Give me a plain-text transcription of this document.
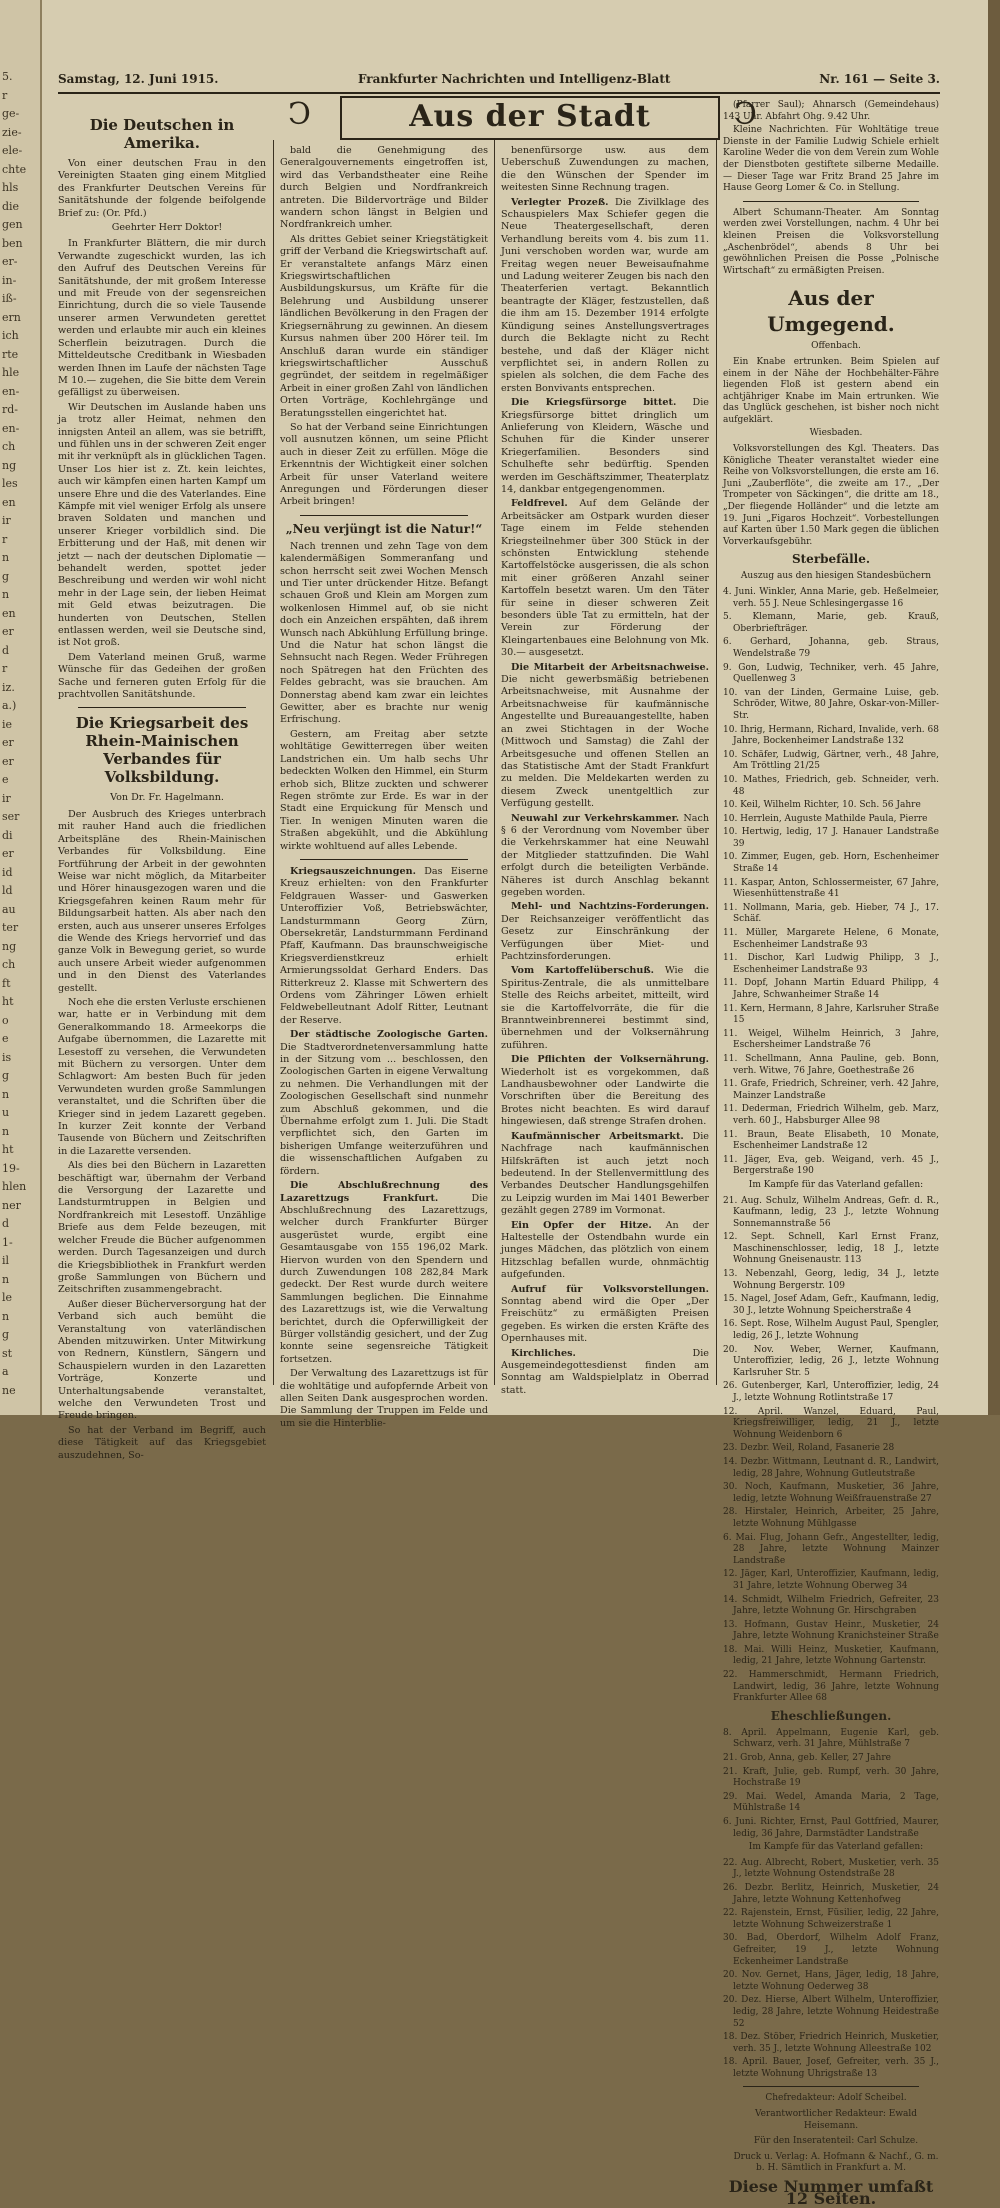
5.
r
ge-
zie-
ele-
chte
hls
die
gen
ben
er-
in-
iß-
ern
ich
rte
hle
en-
rd-
en-
ch
ng
les
en
ir
r
n
g
n
en
er
d
r
iz.
a.)
ie
er
er
e
ir
ser
di
er
id
ld
au
ter
ng
ch
ft
ht
o
e
is
g
n
u
n
ht
19-
hlen
ner
d
1-
il
n
le
n
g
st
a
ne
Samstag, 12. Juni 1915.	Frankfurter Nachrichten und Intelligenz-Blatt	Nr. 161 — Seite 3.
Ↄ	Aus der Stadt	Ↄ
Die Deutschen in Amerika.

Von einer deutschen Frau in den Vereinigten Staaten ging einem Mitglied des Frankfurter Deutschen Vereins für Sanitätshunde der folgende beifolgende Brief zu: (Or. Pfd.)

Geehrter Herr Doktor!

In Frankfurter Blättern, die mir durch Verwandte zugeschickt wurden, las ich den Aufruf des Deutschen Vereins für Sanitätshunde, der mit großem Interesse und mit Freude von der segensreichen Einrichtung, durch die so viele Tausende unserer armen Verwundeten gerettet werden und erlaubte mir auch ein kleines Scherflein beizutragen. Durch die Mitteldeutsche Creditbank in Wiesbaden werden Ihnen im Laufe der nächsten Tage M 10.— zugehen, die Sie bitte dem Verein gefälligst zu überweisen.

Wir Deutschen im Auslande haben uns ja trotz aller Heimat, nehmen den innigsten Anteil an allem, was sie betrifft, und fühlen uns in der schweren Zeit enger mit ihr verknüpft als in glücklichen Tagen. Unser Los hier ist z. Zt. kein leichtes, auch wir kämpfen einen harten Kampf um unsere Ehre und die des Vaterlandes. Eine Kämpfe mit viel weniger Erfolg als unsere braven Soldaten und manchen und unserer Krieger vorbildlich sind. Die Erbitterung und der Haß, mit denen wir jetzt — nach der deutschen Diplomatie — behandelt werden, spottet jeder Beschreibung und werden wir wohl nicht mehr in der Lage sein, der lieben Heimat mit Geld etwas beizutragen. Die hunderten von Deutschen, Stellen entlassen werden, weil sie Deutsche sind, ist Not groß.

Dem Vaterland meinen Gruß, warme Wünsche für das Gedeihen der großen Sache und ferneren guten Erfolg für die prachtvollen Sanitätshunde.

Die Kriegsarbeit des Rhein-Mainischen Verbandes für Volksbildung.

Von Dr. Fr. Hagelmann.

Der Ausbruch des Krieges unterbrach mit rauher Hand auch die friedlichen Arbeitspläne des Rhein-Mainischen Verbandes für Volksbildung. Eine Fortführung der Arbeit in der gewohnten Weise war nicht möglich, da Mitarbeiter und Hörer hinausgezogen waren und die Kriegsgefahren keinen Raum mehr für Bildungsarbeit hatten. Als aber nach den ersten, auch aus unserer unseres Erfolges die Wende des Kriegs hervorrief und das ganze Volk in Bewegung geriet, so wurde auch unsere Arbeit wieder aufgenommen und in den Dienst des Vaterlandes gestellt.

Noch ehe die ersten Verluste erschienen war, hatte er in Verbindung mit dem Generalkommando 18. Armeekorps die Aufgabe übernommen, die Lazarette mit Lesestoff zu versehen, die Verwundeten mit Büchern zu versorgen. Unter dem Schlagwort: Am besten Buch für jeden Verwundeten wurden große Sammlungen veranstaltet, und die Schriften über die Krieger sind in jedem Lazarett gegeben. In kurzer Zeit konnte der Verband Tausende von Büchern und Zeitschriften in die Lazarette versenden.

Als dies bei den Büchern in Lazaretten beschäftigt war, übernahm der Verband die Versorgung der Lazarette und Landsturmtruppen in Belgien und Nordfrankreich mit Lesestoff. Unzählige Briefe aus dem Felde bezeugen, mit welcher Freude die Bücher aufgenommen werden. Durch Tagesanzeigen und durch die Kriegsbibliothek in Frankfurt werden große Sammlungen von Büchern und Zeitschriften zusammengebracht.

Außer dieser Bücherversorgung hat der Verband sich auch bemüht die Veranstaltung von vaterländischen Abenden mitzuwirken. Unter Mitwirkung von Rednern, Künstlern, Sängern und Schauspielern wurden in den Lazaretten Vorträge, Konzerte und Unterhaltungsabende veranstaltet, welche den Verwundeten Trost und Freude bringen.

So hat der Verband im Begriff, auch diese Tätigkeit auf das Kriegsgebiet auszudehnen, So-

bald die Genehmigung des Generalgouvernements eingetroffen ist, wird das Verbandstheater eine Reihe durch Belgien und Nordfrankreich antreten. Die Bildervorträge und Bilder wandern schon längst in Belgien und Nordfrankreich umher.

Als drittes Gebiet seiner Kriegstätigkeit griff der Verband die Kriegswirtschaft auf. Er veranstaltete anfangs März einen Kriegswirtschaftlichen Ausbildungskursus, um Kräfte für die Belehrung und Ausbildung unserer ländlichen Bevölkerung in den Fragen der Kriegsernährung zu gewinnen. An diesem Kursus nahmen über 200 Hörer teil. Im Anschluß daran wurde ein ständiger kriegswirtschaftlicher Ausschuß gegründet, der seitdem in regelmäßiger Arbeit in einer großen Zahl von ländlichen Orten Vorträge, Kochlehrgänge und Beratungsstellen eingerichtet hat.

So hat der Verband seine Einrichtungen voll ausnutzen können, um seine Pflicht auch in dieser Zeit zu erfüllen. Möge die Erkenntnis der Wichtigkeit einer solchen Arbeit für unser Vaterland weitere Anregungen und Förderungen dieser Arbeit bringen!

„Neu verjüngt ist die Natur!“

Nach trennen und zehn Tage von dem kalendermäßigen Sommeranfang und schon herrscht seit zwei Wochen Mensch und Tier unter drückender Hitze. Befangt schauen Groß und Klein am Morgen zum wolkenlosen Himmel auf, ob sie nicht doch ein Anzeichen erspähten, daß ihrem Wunsch nach Abkühlung Erfüllung bringe. Und die Natur hat schon längst die Sehnsucht nach Regen. Weder Frühregen noch Spätregen hat den Früchten des Feldes gebracht, was sie brauchen. Am Donnerstag abend kam zwar ein leichtes Gewitter, aber es brachte nur wenig Erfrischung.

Gestern, am Freitag aber setzte wohltätige Gewitterregen über weiten Landstrichen ein. Um halb sechs Uhr bedeckten Wolken den Himmel, ein Sturm erhob sich, Blitze zuckten und schwerer Regen strömte zur Erde. Es war in der Stadt eine Erquickung für Mensch und Tier. In wenigen Minuten waren die Straßen abgekühlt, und die Abkühlung wirkte wohltuend auf alles Lebende.

Kriegsauszeichnungen. Das Eiserne Kreuz erhielten: von den Frankfurter Feldgrauen Wasser- und Gaswerken Unteroffizier Voß, Betriebswächter, Landsturmmann Georg Zürn, Obersekretär, Landsturmmann Ferdinand Pfaff, Kaufmann. Das braunschweigische Kriegsverdienstkreuz erhielt Armierungssoldat Gerhard Enders. Das Ritterkreuz 2. Klasse mit Schwertern des Ordens vom Zähringer Löwen erhielt Feldwebelleutnant Adolf Ritter, Leutnant der Reserve.

Der städtische Zoologische Garten. Die Stadtverordnetenversammlung hatte in der Sitzung vom ... beschlossen, den Zoologischen Garten in eigene Verwaltung zu nehmen. Die Verhandlungen mit der Zoologischen Gesellschaft sind nunmehr zum Abschluß gekommen, und die Übernahme erfolgt zum 1. Juli. Die Stadt verpflichtet sich, den Garten im bisherigen Umfange weiterzuführen und die wissenschaftlichen Aufgaben zu fördern.

Die Abschlußrechnung des Lazarettzugs Frankfurt.	Die Abschlußrechnung des Lazarettzugs, welcher durch Frankfurter Bürger ausgerüstet wurde, ergibt eine Gesamtausgabe von 155 196,02 Mark. Hiervon wurden von den Spendern und durch Zuwendungen 108 282,84 Mark gedeckt. Der Rest wurde durch weitere Sammlungen beglichen. Die Einnahme des Lazarettzugs ist, wie die Verwaltung berichtet, durch die Opferwilligkeit der Bürger vollständig gesichert, und der Zug konnte seine segensreiche Tätigkeit fortsetzen.

Der Verwaltung des Lazarettzugs ist für die wohltätige und aufopfernde Arbeit von allen Seiten Dank ausgesprochen worden. Die Sammlung der Truppen im Felde und um sie die Hinterblie-

benenfürsorge usw. aus dem Ueberschuß Zuwendungen zu machen, die den Wünschen der Spender im weitesten Sinne Rechnung tragen.

Verlegter Prozeß. Die Zivilklage des Schauspielers Max Schiefer gegen die Neue Theatergesellschaft, deren Verhandlung bereits vom 4. bis zum 11. Juni verschoben worden war, wurde am Freitag wegen neuer Beweisaufnahme und Ladung weiterer Zeugen bis nach den Theaterferien vertagt. Bekanntlich beantragte der Kläger, festzustellen, daß die ihm am 15. Dezember 1914 erfolgte Kündigung seines Anstellungsvertrages durch die Beklagte nicht zu Recht bestehe, und daß der Kläger nicht verpflichtet sei, in andern Rollen zu spielen als solchen, die dem Fache des ersten Bonvivants entsprechen.

Die Kriegsfürsorge bittet. Die Kriegsfürsorge bittet dringlich um Anlieferung von Kleidern, Wäsche und Schuhen für die Kinder unserer Kriegerfamilien. Besonders sind Schulhefte sehr bedürftig. Spenden werden im Geschäftszimmer, Theaterplatz 14, dankbar entgegengenommen.

Feldfrevel. Auf dem Gelände der Arbeitsäcker am Ostpark wurden dieser Tage einem im Felde stehenden Kriegsteilnehmer über 300 Stück in der schönsten Entwicklung stehende Kartoffelstöcke ausgerissen, die als schon mit einer größeren Anzahl seiner Kartoffeln besetzt waren. Um den Täter für seine in dieser schweren Zeit besonders üble Tat zu ermitteln, hat der Verein zur Förderung der Kleingartenbaues eine Belohnung von Mk. 30.— ausgesetzt.

Die Mitarbeit der Arbeitsnachweise. Die nicht gewerbsmäßig betriebenen Arbeitsnachweise, mit Ausnahme der Arbeitsnachweise für kaufmännische Angestellte und Bureauangestellte, haben an zwei Stichtagen in der Woche (Mittwoch und Samstag) die Zahl der Arbeitsgesuche und offenen Stellen an das Statistische Amt der Stadt Frankfurt zu melden. Die Meldekarten werden zu diesem Zweck unentgeltlich zur Verfügung gestellt.

Neuwahl zur Verkehrskammer. Nach § 6 der Verordnung vom November über die Verkehrskammer hat eine Neuwahl der Mitglieder stattzufinden. Die Wahl erfolgt durch die beteiligten Verbände. Näheres ist durch Anschlag bekannt gegeben worden.

Mehl- und Nachtzins-Forderungen. Der Reichsanzeiger veröffentlicht das Gesetz zur Einschränkung der Verfügungen über Miet- und Pachtzinsforderungen.

Vom Kartoffelüberschuß. Wie die Spiritus-Zentrale, die als unmittelbare Stelle des Reichs arbeitet, mitteilt, wird sie die Kartoffelvorräte, die für die Branntweinbrennerei bestimmt sind, übernehmen und der Volksernährung zuführen.

Die Pflichten der Volksernährung. Wiederholt ist es vorgekommen, daß Landhausbewohner oder Landwirte die Vorschriften über die Bereitung des Brotes nicht beachten. Es wird darauf hingewiesen, daß strenge Strafen drohen.

Kaufmännischer Arbeitsmarkt. Die Nachfrage nach kaufmännischen Hilfskräften ist auch jetzt noch bedeutend. In der Stellenvermittlung des Verbandes Deutscher Handlungsgehilfen zu Leipzig wurden im Mai 1401 Bewerber gezählt gegen 2789 im Vormonat.

Ein Opfer der Hitze. An der Haltestelle der Ostendbahn wurde ein junges Mädchen, das plötzlich von einem Hitzschlag befallen wurde, ohnmächtig aufgefunden.

Aufruf für Volksvorstellungen. Sonntag abend wird die Oper „Der Freischütz“ zu ermäßigten Preisen gegeben. Es wirken die ersten Kräfte des Opernhauses mit.

Kirchliches.	Die Ausgemeindegottesdienst finden am Sonntag am Waldspielplatz in Oberrad statt.

(Pfarrer Saul); Ahnarsch (Gemeindehaus) 143 Uhr. Abfahrt Ohg. 9.42 Uhr.

Kleine Nachrichten. Für Wohltätige treue Dienste in der Familie Ludwig Schiele erhielt Karoline Weder die von dem Verein zum Wohle der Dienstboten gestiftete silberne Medaille. — Dieser Tage war Fritz Brand 25 Jahre im Hause Georg Lomer & Co. in Stellung.

Albert Schumann-Theater. Am Sonntag werden zwei Vorstellungen, nachm. 4 Uhr bei kleinen Preisen die Volksvorstellung „Aschenbrödel“, abends 8 Uhr bei gewöhnlichen Preisen die Posse „Polnische Wirtschaft“ zu ermäßigten Preisen.

Aus der Umgegend.

Offenbach.

Ein Knabe ertrunken. Beim Spielen auf einem in der Nähe der Hochbehälter-Fähre liegenden Floß ist gestern abend ein achtjähriger Knabe im Main ertrunken. Wie das Unglück geschehen, ist bisher noch nicht aufgeklärt.

Wiesbaden.

Volksvorstellungen des Kgl. Theaters. Das Königliche Theater veranstaltet wieder eine Reihe von Volksvorstellungen, die erste am 16. Juni „Zauberflöte“, die zweite am 17., „Der Trompeter von Säckingen“, die dritte am 18., „Der fliegende Holländer“ und die letzte am 19. Juni „Figaros Hochzeit“. Vorbestellungen auf Karten über 1.50 Mark gegen die üblichen Vorverkaufsgebühr.

Sterbefälle.

Auszug aus den hiesigen Standesbüchern

4. Juni. Winkler, Anna Marie, geb. Heßelmeier, verh. 55 J. Neue Schlesingergasse 16

5. Klemann, Marie, geb. Krauß, Oberbriefträger.

6. Gerhard, Johanna, geb. Straus, Wendelstraße 79

9. Gon, Ludwig, Techniker, verh. 45 Jahre, Quellenweg 3

10. van der Linden, Germaine Luise, geb. Schröder, Witwe, 80 Jahre, Oskar-von-Miller-Str.

10. Ihrig, Hermann, Richard, Invalide, verh. 68 Jahre, Bockenheimer Landstraße 132

10. Schäfer, Ludwig, Gärtner, verh., 48 Jahre, Am Tröttling 21/25

10. Mathes, Friedrich, geb. Schneider, verh. 48

10. Keil, Wilhelm Richter, 10. Sch. 56 Jahre

10. Herrlein, Auguste Mathilde Paula, Pierre

10. Hertwig, ledig, 17 J. Hanauer Landstraße 39

10. Zimmer, Eugen, geb. Horn, Eschenheimer Straße 14

11. Kaspar, Anton, Schlossermeister, 67 Jahre, Wiesenhüttenstraße 41

11. Nollmann, Maria, geb. Hieber, 74 J., 17. Schäf.

11. Müller, Margarete Helene, 6 Monate, Eschenheimer Landstraße 93

11. Dischor, Karl Ludwig Philipp, 3 J., Eschenheimer Landstraße 93

11. Dopf, Johann Martin Eduard Philipp, 4 Jahre, Schwanheimer Straße 14

11. Kern, Hermann, 8 Jahre, Karlsruher Straße 15

11. Weigel, Wilhelm Heinrich, 3 Jahre, Eschersheimer Landstraße 76

11. Schellmann, Anna Pauline, geb. Bonn, verh. Witwe, 76 Jahre, Goethestraße 26

11. Grafe, Friedrich, Schreiner, verh. 42 Jahre, Mainzer Landstraße

11. Dederman, Friedrich Wilhelm, geb. Marz, verh. 60 J., Habsburger Allee 98

11. Braun, Beate Elisabeth, 10 Monate, Eschenheimer Landstraße 12

11. Jäger, Eva, geb. Weigand, verh. 45 J., Bergerstraße 190

Im Kampfe für das Vaterland gefallen:

21. Aug. Schulz, Wilhelm Andreas, Gefr. d. R., Kaufmann, ledig, 23 J., letzte Wohnung Sonnemannstraße 56

12. Sept. Schnell, Karl Ernst Franz, Maschinenschlosser, ledig, 18 J., letzte Wohnung Gneisenaustr. 113

13. Nebenzahl, Georg, ledig, 34 J., letzte Wohnung Bergerstr. 109

15. Nagel, Josef Adam, Gefr., Kaufmann, ledig, 30 J., letzte Wohnung Speicherstraße 4

16. Sept. Rose, Wilhelm August Paul, Spengler, ledig, 26 J., letzte Wohnung

20. Nov. Weber, Werner, Kaufmann, Unteroffizier, ledig, 26 J., letzte Wohnung Karlsruher Str. 5

26. Gutenberger, Karl, Unteroffizier, ledig, 24 J., letzte Wohnung Rotlintstraße 17

12. April. Wanzel, Eduard, Paul, Kriegsfreiwilliger, ledig, 21 J., letzte Wohnung Weidenborn 6

23. Dezbr. Weil, Roland, Fasanerie 28

14. Dezbr. Wittmann, Leutnant d. R., Landwirt, ledig, 28 Jahre, Wohnung Gutleutstraße

30. Noch, Kaufmann, Musketier, 36 Jahre, ledig, letzte Wohnung Weißfrauenstraße 27

28. Hirstaler, Heinrich, Arbeiter, 25 Jahre, letzte Wohnung Mühlgasse

6. Mai. Flug, Johann Gefr., Angestellter, ledig, 28 Jahre, letzte Wohnung Mainzer Landstraße

12. Jäger, Karl, Unteroffizier, Kaufmann, ledig, 31 Jahre, letzte Wohnung Oberweg 34

14. Schmidt, Wilhelm Friedrich, Gefreiter, 23 Jahre, letzte Wohnung Gr. Hirschgraben

13. Hofmann, Gustav Heinr., Musketier, 24 Jahre, letzte Wohnung Kranichsteiner Straße

18. Mai. Willi Heinz, Musketier, Kaufmann, ledig, 21 Jahre, letzte Wohnung Gartenstr.

22. Hammerschmidt, Hermann Friedrich, Landwirt, ledig, 36 Jahre, letzte Wohnung Frankfurter Allee 68

Eheschließungen.

8. April. Appelmann, Eugenie Karl, geb. Schwarz, verh. 31 Jahre, Mühlstraße 7

21. Grob, Anna, geb. Keller, 27 Jahre

21. Kraft, Julie, geb. Rumpf, verh. 30 Jahre, Hochstraße 19

29. Mai. Wedel, Amanda Maria, 2 Tage, Mühlstraße 14

6. Juni. Richter, Ernst, Paul Gottfried, Maurer, ledig, 36 Jahre, Darmstädter Landstraße

Im Kampfe für das Vaterland gefallen:

22. Aug. Albrecht, Robert, Musketier, verh. 35 J., letzte Wohnung Ostendstraße 28

26. Dezbr. Berlitz, Heinrich, Musketier, 24 Jahre, letzte Wohnung Kettenhofweg

22. Rajenstein, Ernst, Füsilier, ledig, 22 Jahre, letzte Wohnung Schweizerstraße 1

30. Bad, Oberdorf, Wilhelm Adolf Franz, Gefreiter, 19 J., letzte Wohnung Eckenheimer Landstraße

20. Nov. Gernet, Hans, Jäger, ledig, 18 Jahre, letzte Wohnung Oederweg 38

20. Dez. Hierse, Albert Wilhelm, Unteroffizier, ledig, 28 Jahre, letzte Wohnung Heidestraße 52

18. Dez. Stöber, Friedrich Heinrich, Musketier, verh. 35 J., letzte Wohnung Alleestraße 102

18. April. Bauer, Josef, Gefreiter, verh. 35 J., letzte Wohnung Uhrigstraße 13

Chefredakteur: Adolf Scheibel.

Verantwortlicher Redakteur: Ewald Heisemann.

Für den Inseratenteil: Carl Schulze.

Druck u. Verlag: A. Hofmann & Nachf., G. m. b. H. Sämtlich in Frankfurt a. M.

Diese Nummer umfaßt 12 Seiten.
